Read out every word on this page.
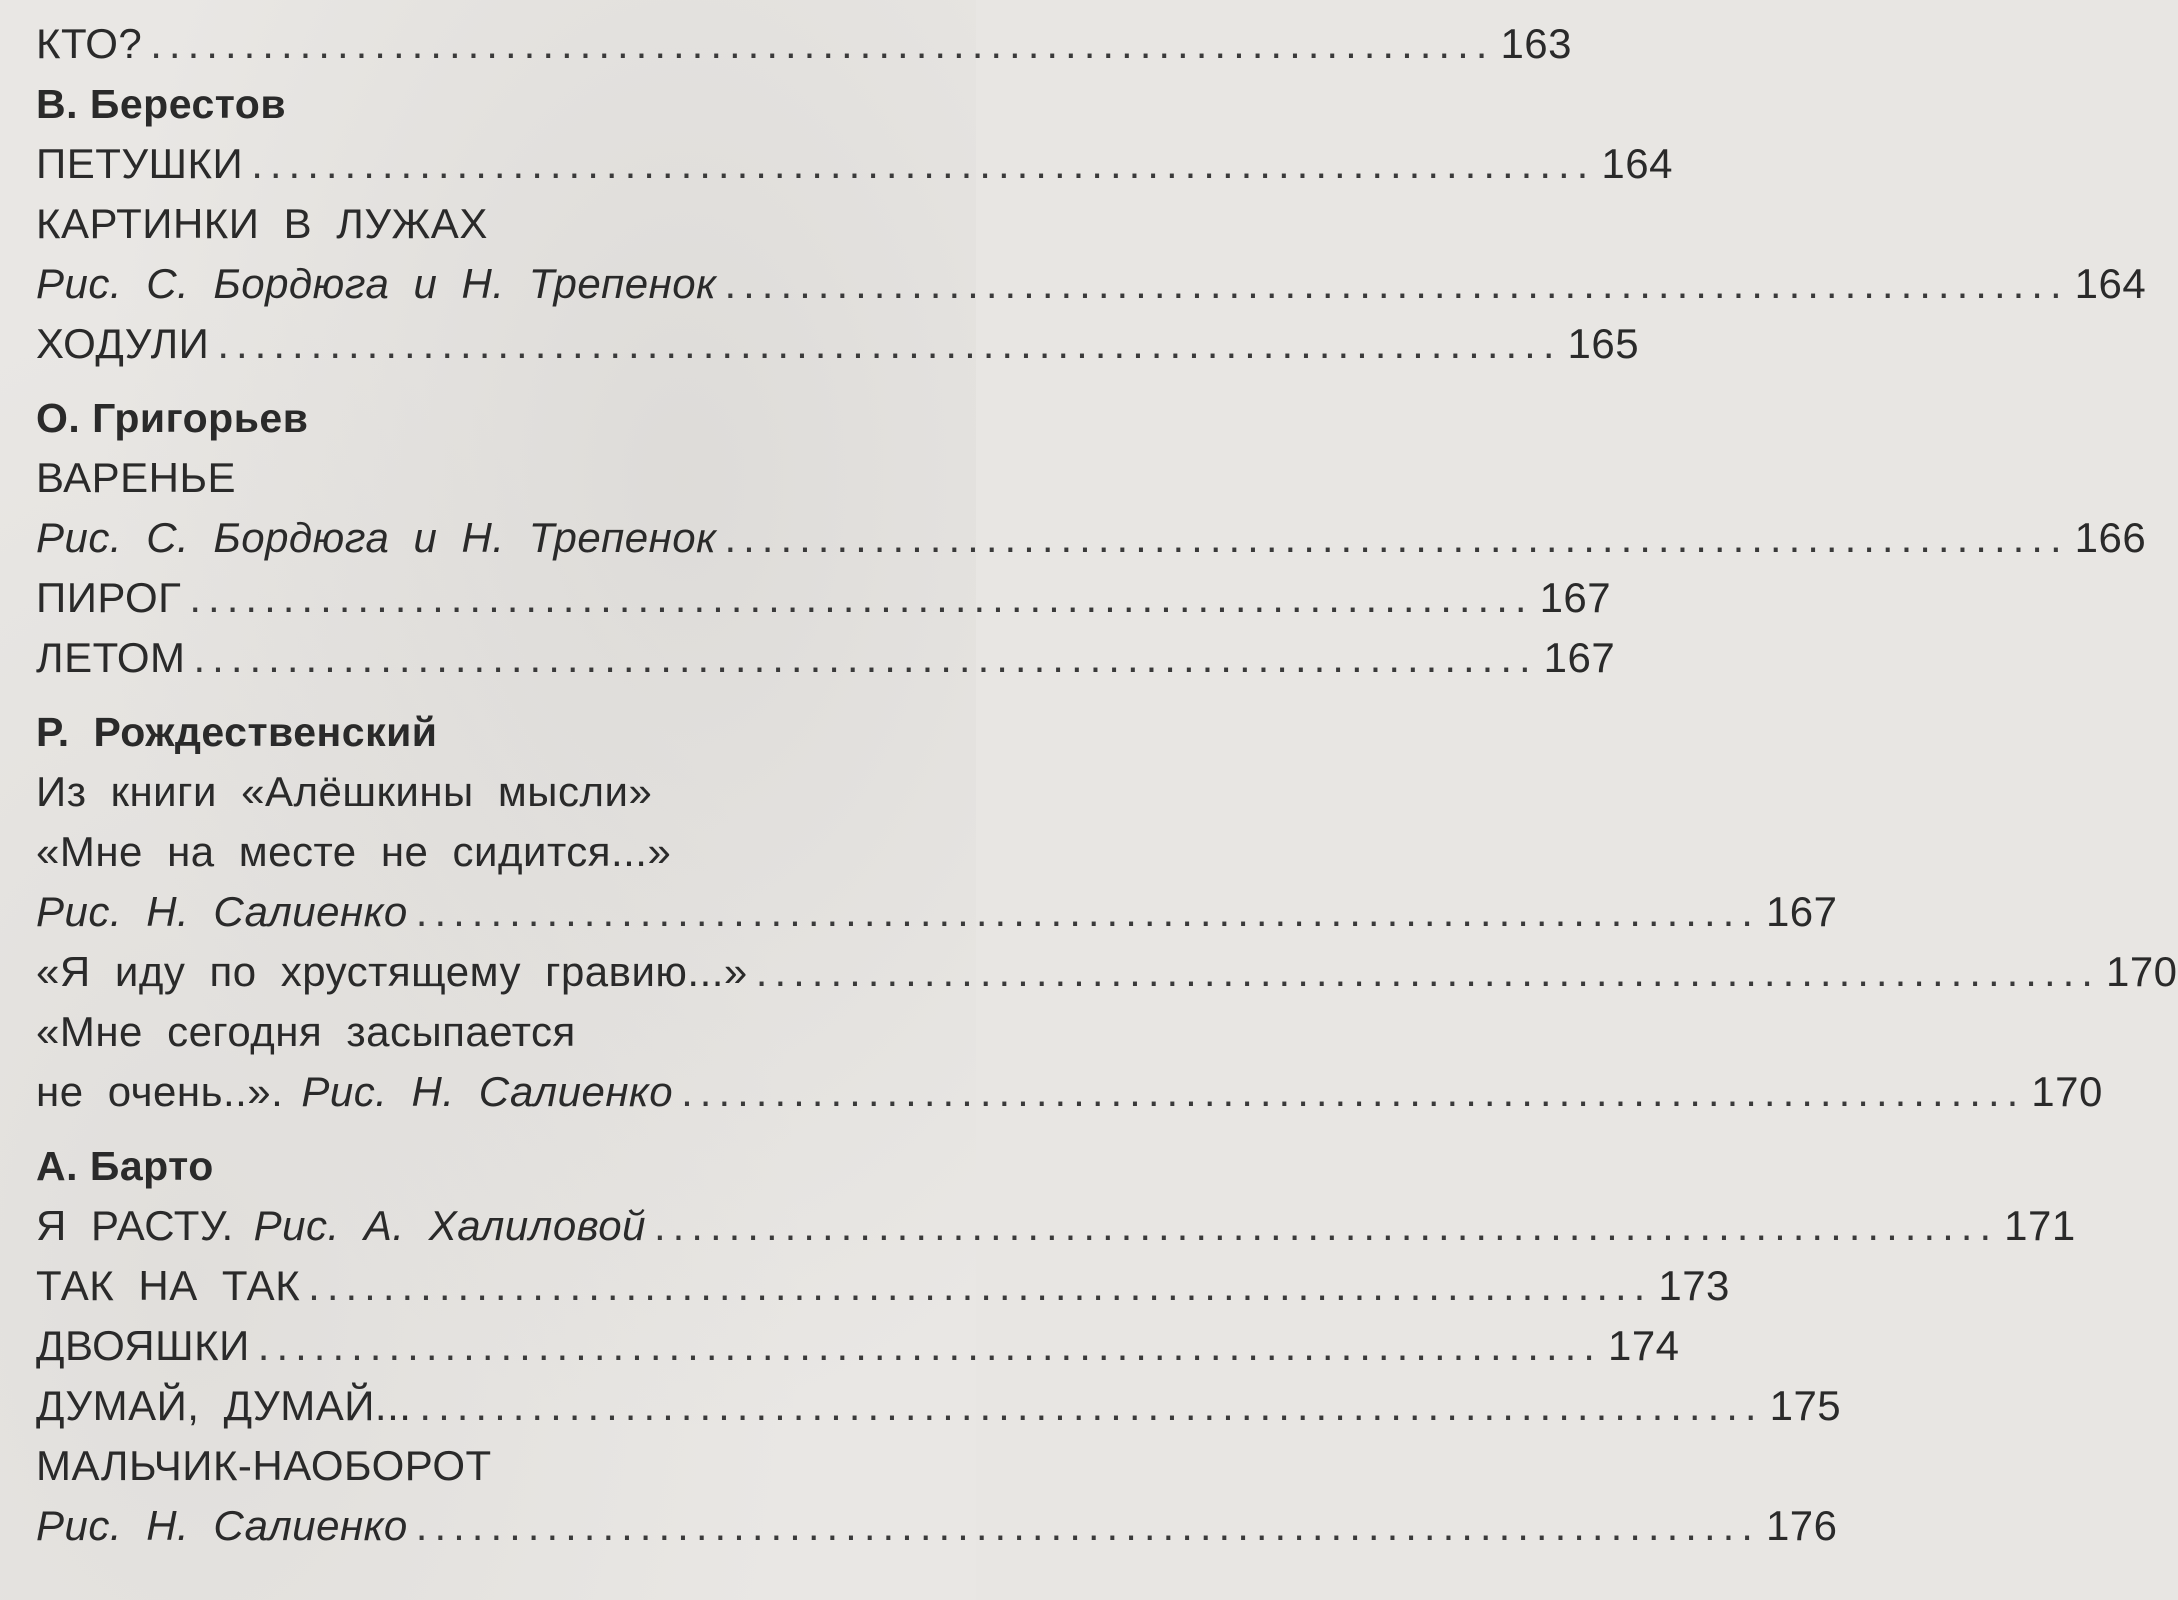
КТО? ........................................................................ 163
В. Берестов
ПЕТУШКИ ........................................................................ 164
КАРТИНКИ В ЛУЖАХ
Рис. С. Бордюга и Н. Трепенок ........................................................................ 164
ХОДУЛИ ........................................................................ 165
О. Григорьев
ВАРЕНЬЕ
Рис. С. Бордюга и Н. Трепенок ........................................................................ 166
ПИРОГ ........................................................................ 167
ЛЕТОМ ........................................................................ 167
Р. Рождественский
Из книги «Алёшкины мысли»
«Мне на месте не сидится...»
Рис. Н. Салиенко ........................................................................ 167
«Я иду по хрустящему гравию...» ........................................................................ 170
«Мне сегодня засыпается
не очень..». Рис. Н. Салиенко ........................................................................ 170
А. Барто
Я РАСТУ. Рис. А. Халиловой ........................................................................ 171
ТАК НА ТАК ........................................................................ 173
ДВОЯШКИ ........................................................................ 174
ДУМАЙ, ДУМАЙ... ........................................................................ 175
МАЛЬЧИК-НАОБОРОТ
Рис. Н. Салиенко ........................................................................ 176
